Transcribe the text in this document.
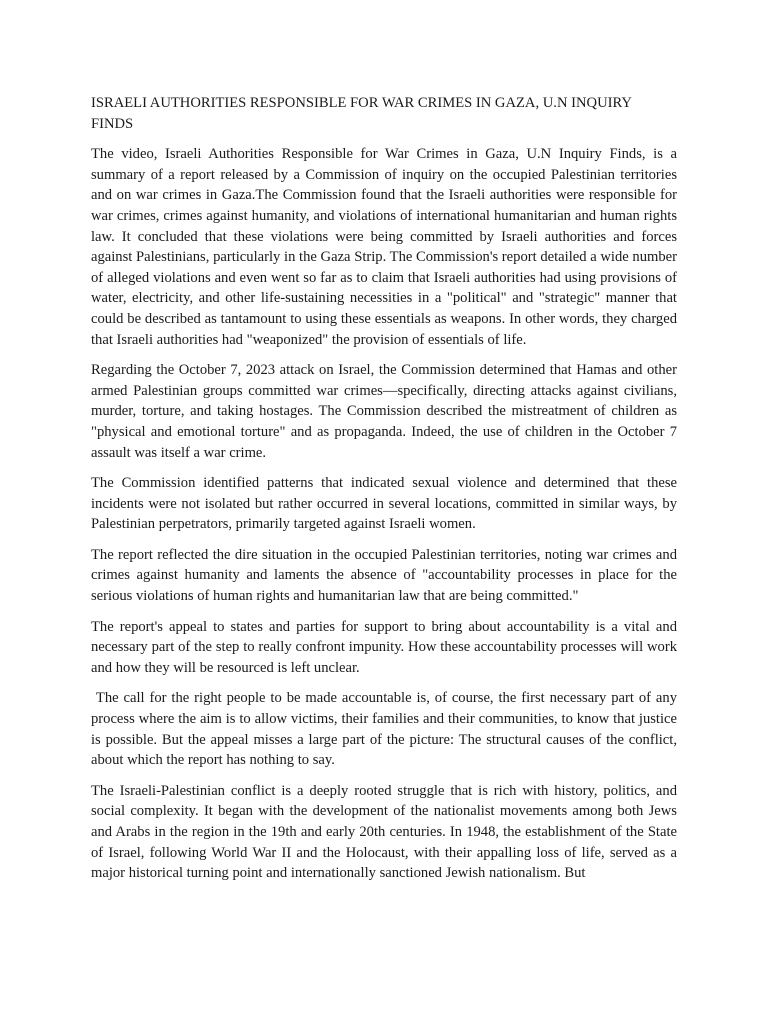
ISRAELI AUTHORITIES RESPONSIBLE FOR WAR CRIMES IN GAZA, U.N INQUIRY FINDS

The video, Israeli Authorities Responsible for War Crimes in Gaza, U.N Inquiry Finds, is a summary of a report released by a Commission of inquiry on the occupied Palestinian territories and on war crimes in Gaza.The Commission found that the Israeli authorities were responsible for war crimes, crimes against humanity, and violations of international humanitarian and human rights law. It concluded that these violations were being committed by Israeli authorities and forces against Palestinians, particularly in the Gaza Strip. The Commission's report detailed a wide number of alleged violations and even went so far as to claim that Israeli authorities had using provisions of water, electricity, and other life-sustaining necessities in a "political" and "strategic" manner that could be described as tantamount to using these essentials as weapons. In other words, they charged that Israeli authorities had "weaponized" the provision of essentials of life.

Regarding the October 7, 2023 attack on Israel, the Commission determined that Hamas and other armed Palestinian groups committed war crimes—specifically, directing attacks against civilians, murder, torture, and taking hostages. The Commission described the mistreatment of children as "physical and emotional torture" and as propaganda. Indeed, the use of children in the October 7 assault was itself a war crime.

The Commission identified patterns that indicated sexual violence and determined that these incidents were not isolated but rather occurred in several locations, committed in similar ways, by Palestinian perpetrators, primarily targeted against Israeli women.

The report reflected the dire situation in the occupied Palestinian territories, noting war crimes and crimes against humanity and laments the absence of "accountability processes in place for the serious violations of human rights and humanitarian law that are being committed."

The report's appeal to states and parties for support to bring about accountability is a vital and necessary part of the step to really confront impunity. How these accountability processes will work and how they will be resourced is left unclear.

The call for the right people to be made accountable is, of course, the first necessary part of any process where the aim is to allow victims, their families and their communities, to know that justice is possible. But the appeal misses a large part of the picture: The structural causes of the conflict, about which the report has nothing to say.

The Israeli-Palestinian conflict is a deeply rooted struggle that is rich with history, politics, and social complexity. It began with the development of the nationalist movements among both Jews and Arabs in the region in the 19th and early 20th centuries. In 1948, the establishment of the State of Israel, following World War II and the Holocaust, with their appalling loss of life, served as a major historical turning point and internationally sanctioned Jewish nationalism. But
